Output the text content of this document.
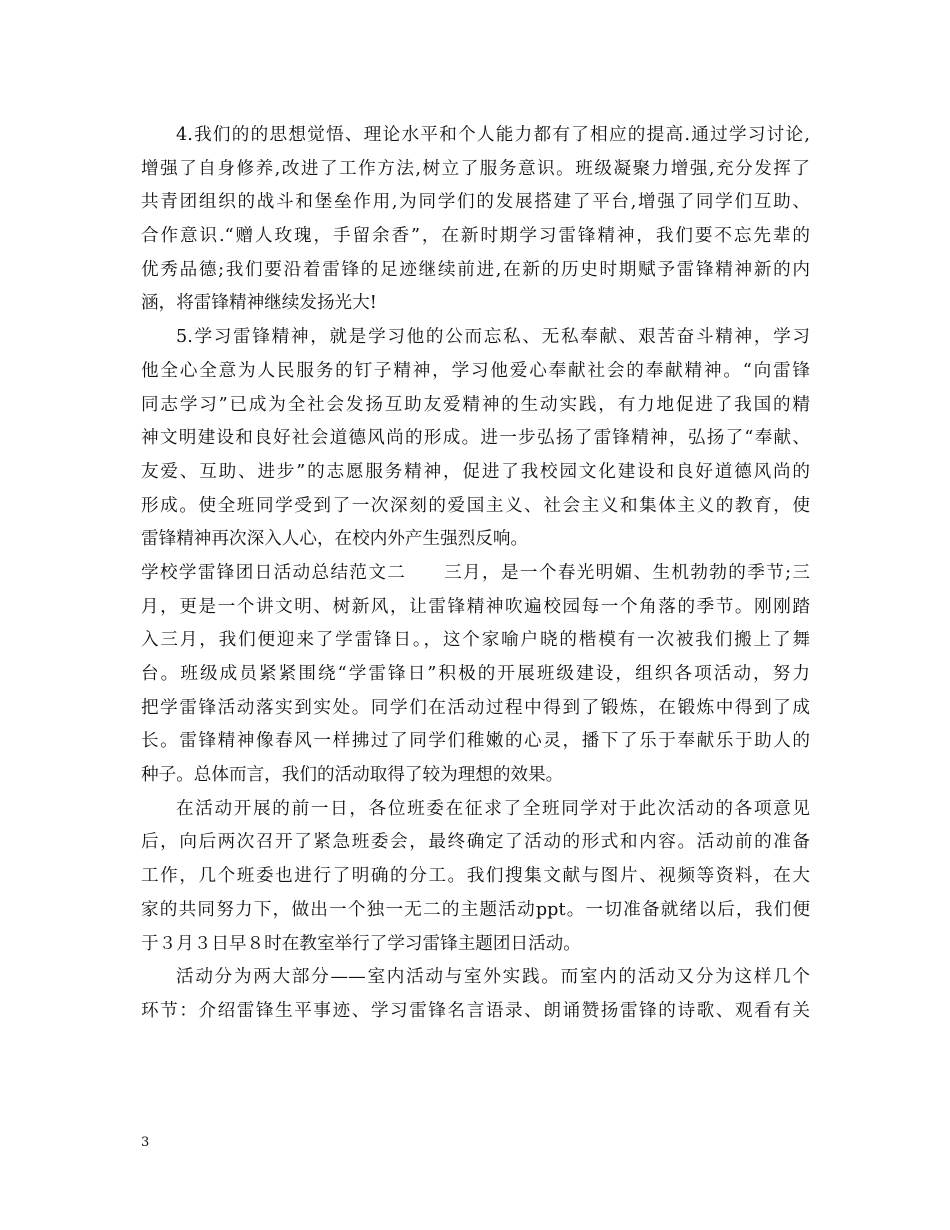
4.我们的的思想觉悟、理论水平和个人能力都有了相应的提高.通过学习讨论,
增强了自身修养,改进了工作方法,树立了服务意识。班级凝聚力增强,充分发挥了
共青团组织的战斗和堡垒作用,为同学们的发展搭建了平台,增强了同学们互助、
合作意识.“赠人玫瑰，手留余香”，在新时期学习雷锋精神，我们要不忘先辈的
优秀品德;我们要沿着雷锋的足迹继续前进,在新的历史时期赋予雷锋精神新的内
涵，将雷锋精神继续发扬光大!
5.学习雷锋精神，就是学习他的公而忘私、无私奉献、艰苦奋斗精神，学习
他全心全意为人民服务的钉子精神，学习他爱心奉献社会的奉献精神。“向雷锋
同志学习”已成为全社会发扬互助友爱精神的生动实践，有力地促进了我国的精
神文明建设和良好社会道德风尚的形成。进一步弘扬了雷锋精神，弘扬了“奉献、
友爱、互助、进步”的志愿服务精神，促进了我校园文化建设和良好道德风尚的
形成。使全班同学受到了一次深刻的爱国主义、社会主义和集体主义的教育，使
雷锋精神再次深入人心，在校内外产生强烈反响。
学校学雷锋团日活动总结范文二　　三月，是一个春光明媚、生机勃勃的季节;三
月，更是一个讲文明、树新风，让雷锋精神吹遍校园每一个角落的季节。刚刚踏
入三月，我们便迎来了学雷锋日。，这个家喻户晓的楷模有一次被我们搬上了舞
台。班级成员紧紧围绕“学雷锋日”积极的开展班级建设，组织各项活动，努力
把学雷锋活动落实到实处。同学们在活动过程中得到了锻炼，在锻炼中得到了成
长。雷锋精神像春风一样拂过了同学们稚嫩的心灵，播下了乐于奉献乐于助人的
种子。总体而言，我们的活动取得了较为理想的效果。
在活动开展的前一日，各位班委在征求了全班同学对于此次活动的各项意见
后，向后两次召开了紧急班委会，最终确定了活动的形式和内容。活动前的准备
工作，几个班委也进行了明确的分工。我们搜集文献与图片、视频等资料，在大
家的共同努力下，做出一个独一无二的主题活动ppt。一切准备就绪以后，我们便
于３月３日早８时在教室举行了学习雷锋主题团日活动。
活动分为两大部分——室内活动与室外实践。而室内的活动又分为这样几个
环节：介绍雷锋生平事迹、学习雷锋名言语录、朗诵赞扬雷锋的诗歌、观看有关
3
